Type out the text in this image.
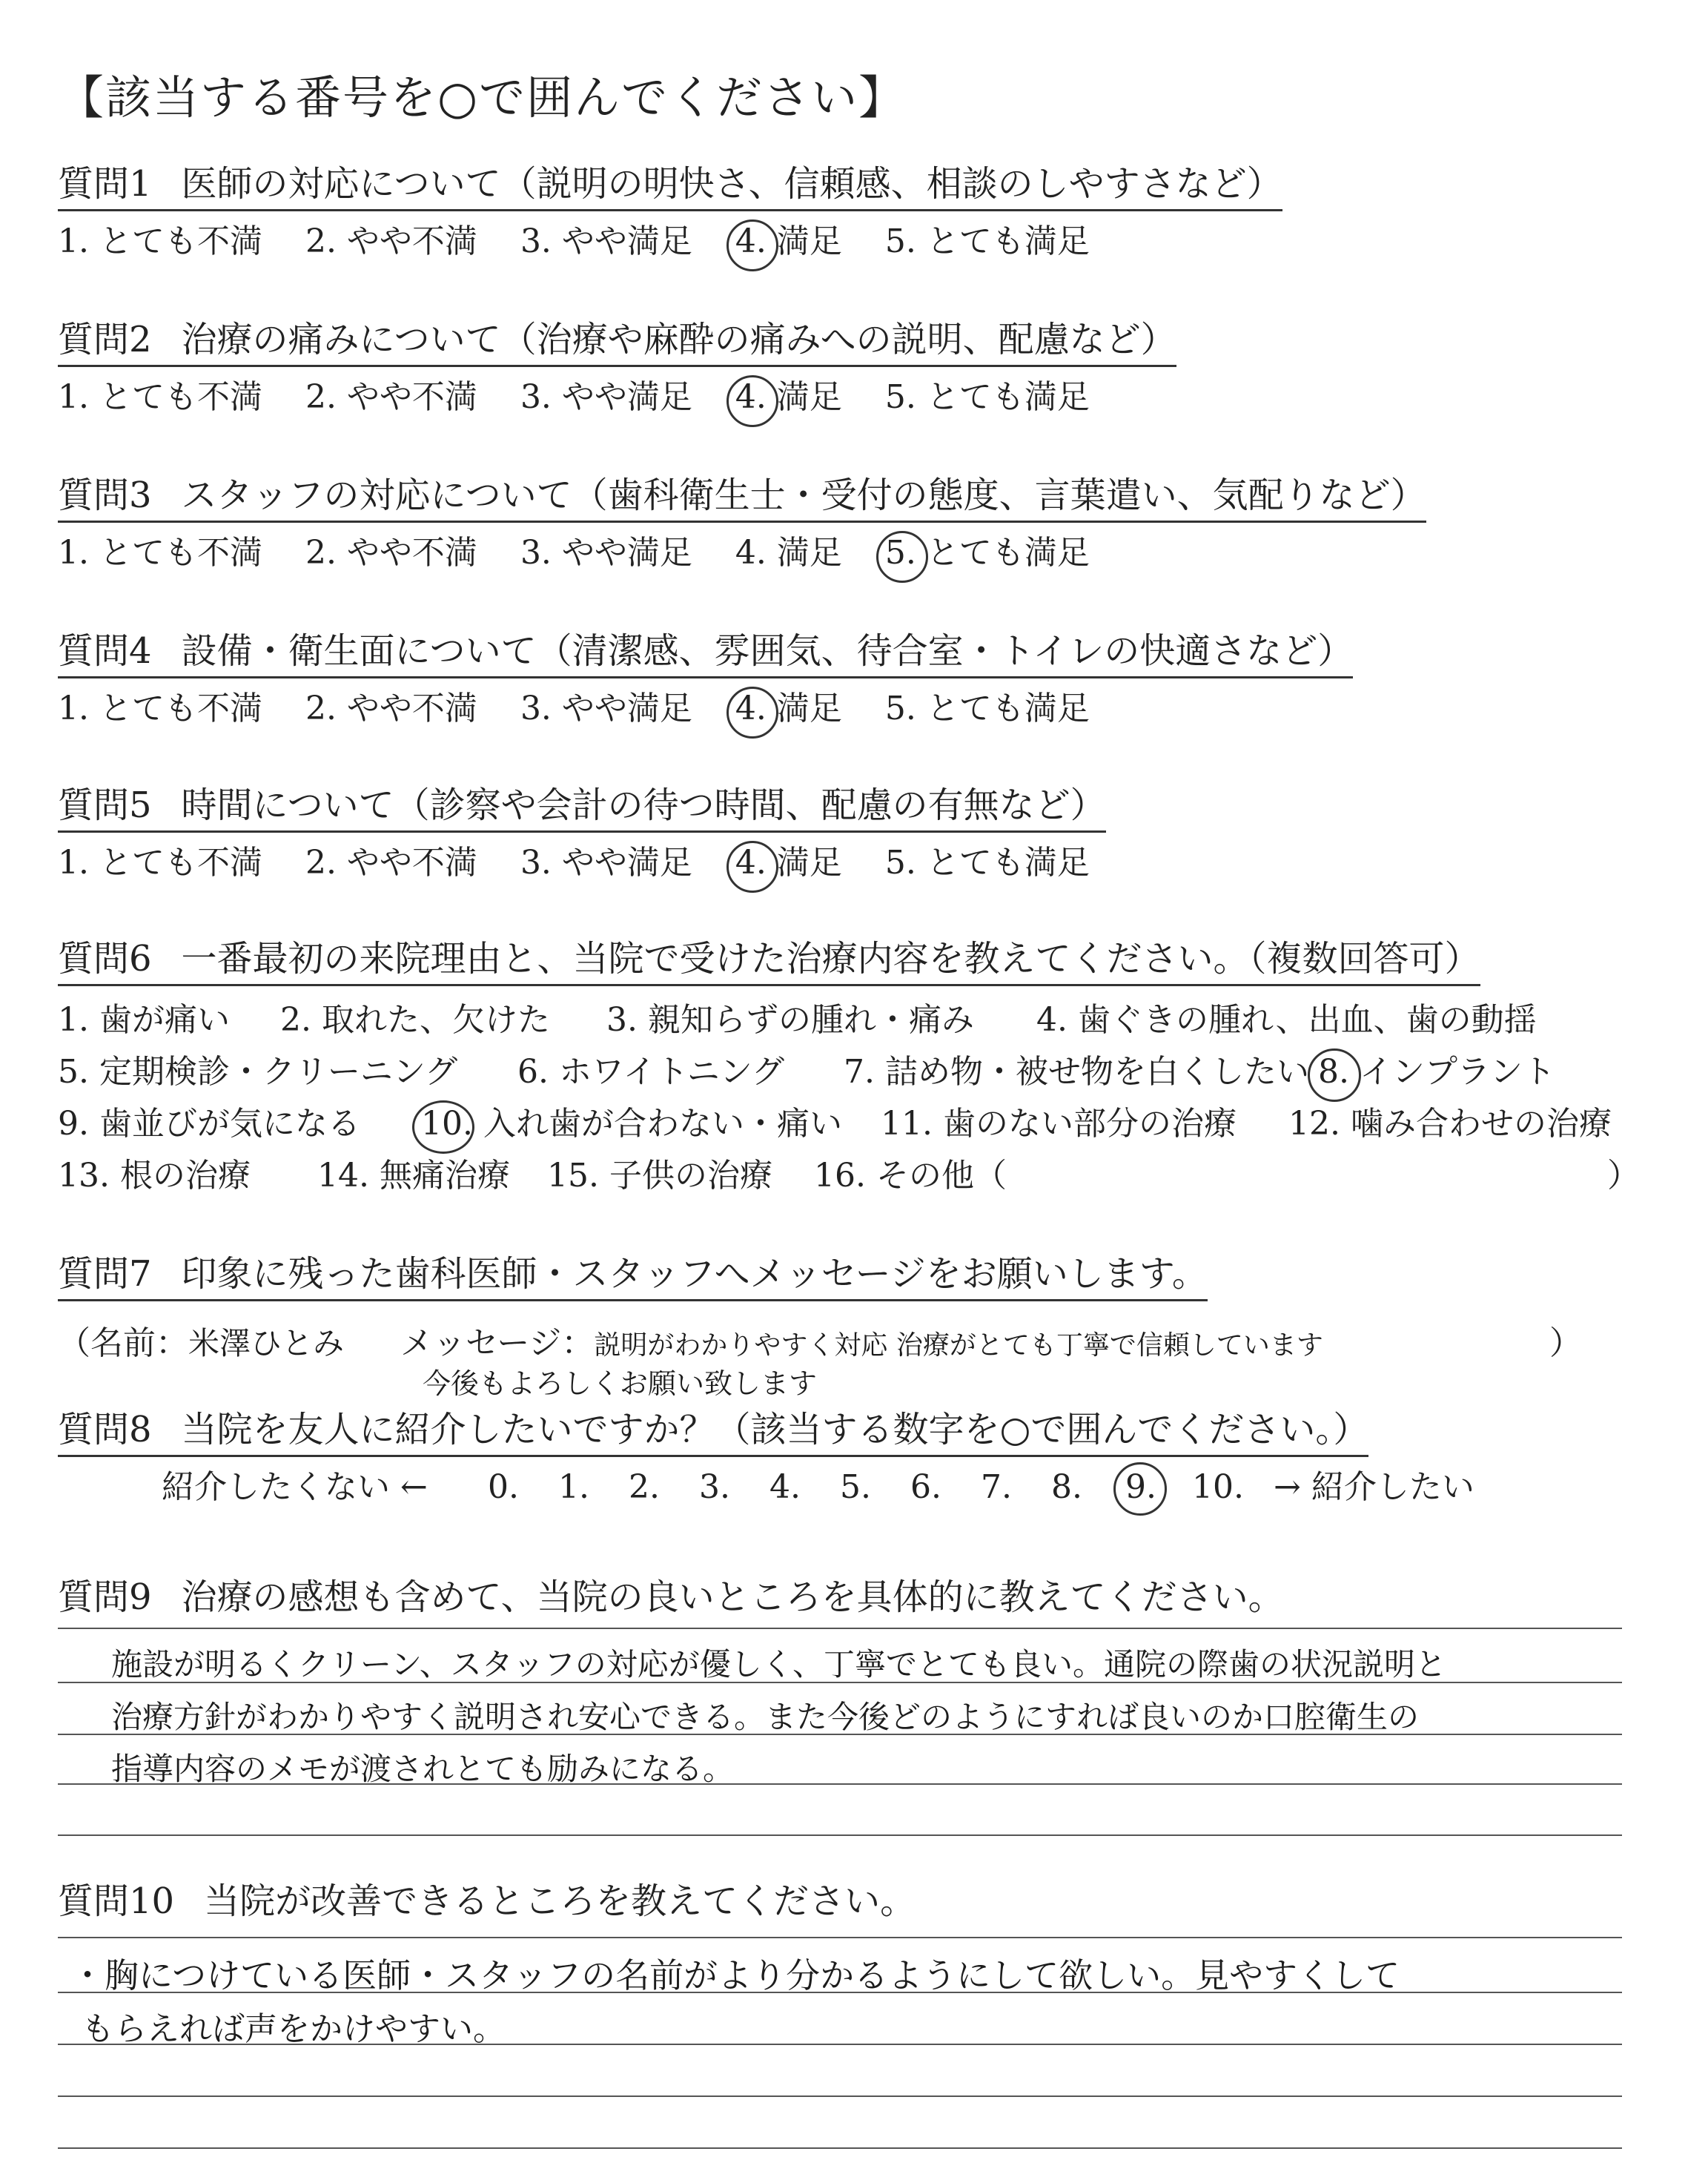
【該当する番号を○で囲んでください】
質問1 医師の対応について（説明の明快さ、信頼感、相談のしやすさなど）
1. とても不満 2. やや不満 3. やや満足 4. 満足 5. とても満足
質問2 治療の痛みについて（治療や麻酔の痛みへの説明、配慮など）
1. とても不満 2. やや不満 3. やや満足 4. 満足 5. とても満足
質問3 スタッフの対応について（歯科衛生士・受付の態度、言葉遣い、気配りなど）
1. とても不満 2. やや不満 3. やや満足 4. 満足 5. とても満足
質問4 設備・衛生面について（清潔感、雰囲気、待合室・トイレの快適さなど）
1. とても不満 2. やや不満 3. やや満足 4. 満足 5. とても満足
質問5 時間について（診察や会計の待つ時間、配慮の有無など）
1. とても不満 2. やや不満 3. やや満足 4. 満足 5. とても満足
質問6 一番最初の来院理由と、当院で受けた治療内容を教えてください。（複数回答可）
1. 歯が痛い 2. 取れた、欠けた 3. 親知らずの腫れ・痛み 4. 歯ぐきの腫れ、出血、歯の動揺
5. 定期検診・クリーニング 6. ホワイトニング 7. 詰め物・被せ物を白くしたい 8. インプラント
9. 歯並びが気になる 10. 入れ歯が合わない・痛い 11. 歯のない部分の治療 12. 噛み合わせの治療
13. 根の治療 14. 無痛治療 15. 子供の治療 16. その他（	）
質問7 印象に残った歯科医師・スタッフへメッセージをお願いします。
（名前：米澤ひとみ メッセージ：説明がわかりやすく対応 治療がとても丁寧で信頼しています	）
今後もよろしくお願い致します
質問8 当院を友人に紹介したいですか？（該当する数字を○で囲んでください。）
紹介したくない ← 0. 1. 2. 3. 4. 5. 6. 7. 8. 9. 10. → 紹介したい
質問9 治療の感想も含めて、当院の良いところを具体的に教えてください。
施設が明るくクリーン、スタッフの対応が優しく、丁寧でとても良い。通院の際歯の状況説明と
治療方針がわかりやすく説明され安心できる。また今後どのようにすれば良いのか口腔衛生の
指導内容のメモが渡されとても励みになる。
質問10 当院が改善できるところを教えてください。
・胸につけている医師・スタッフの名前がより分かるようにして欲しい。見やすくして
もらえれば声をかけやすい。
